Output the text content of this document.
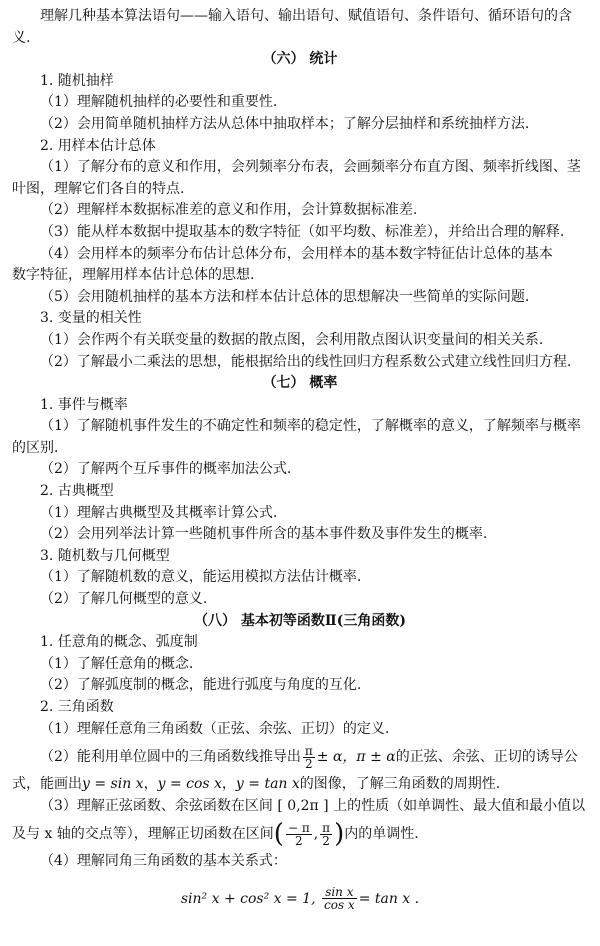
理解几种基本算法语句——输入语句、输出语句、赋值语句、条件语句、循环语句的含

义.

（六） 统计

1. 随机抽样

（1）理解随机抽样的必要性和重要性.

（2）会用简单随机抽样方法从总体中抽取样本；了解分层抽样和系统抽样方法.

2. 用样本估计总体

（1）了解分布的意义和作用，会列频率分布表，会画频率分布直方图、频率折线图、茎

叶图，理解它们各自的特点.

（2）理解样本数据标准差的意义和作用，会计算数据标准差.

（3）能从样本数据中提取基本的数字特征（如平均数、标准差），并给出合理的解释.

（4）会用样本的频率分布估计总体分布，会用样本的基本数字特征估计总体的基本

数字特征，理解用样本估计总体的思想.

（5）会用随机抽样的基本方法和样本估计总体的思想解决一些简单的实际问题.

3. 变量的相关性

（1）会作两个有关联变量的数据的散点图，会利用散点图认识变量间的相关关系.

（2）了解最小二乘法的思想，能根据给出的线性回归方程系数公式建立线性回归方程.

（七） 概率

1. 事件与概率

（1）了解随机事件发生的不确定性和频率的稳定性，了解概率的意义，了解频率与概率

的区别.

（2）了解两个互斥事件的概率加法公式.

2. 古典概型

（1）理解古典概型及其概率计算公式.

（2）会用列举法计算一些随机事件所含的基本事件数及事件发生的概率.

3. 随机数与几何概型

（1）了解随机数的意义，能运用模拟方法估计概率.

（2）了解几何概型的意义.

（八） 基本初等函数Ⅱ(三角函数)

1. 任意角的概念、弧度制

（1）了解任意角的概念.

（2）了解弧度制的概念，能进行弧度与角度的互化.

2. 三角函数

（1）理解任意角三角函数（正弦、余弦、正切）的定义.

（2）能利用单位圆中的三角函数线推导出 $\frac{\pi}{2} \pm \alpha$，π ± α的正弦、余弦、正切的诱导公

式，能画出y = sin x，y = cos x，y = tan x的图像，了解三角函数的周期性.

（3）理解正弦函数、余弦函数在区间 [ 0,2π ] 上的性质（如单调性、最大值和最小值以

及与 x 轴的交点等），理解正切函数在区间( $\frac{- \pi}{2}$ , $\frac{\pi}{2}$ )内的单调性.

（4）理解同角三角函数的基本关系式：

sin² x + cos² x = 1, $\frac{\text{sin x}}{\text{cos x}} = \tan x$ .
